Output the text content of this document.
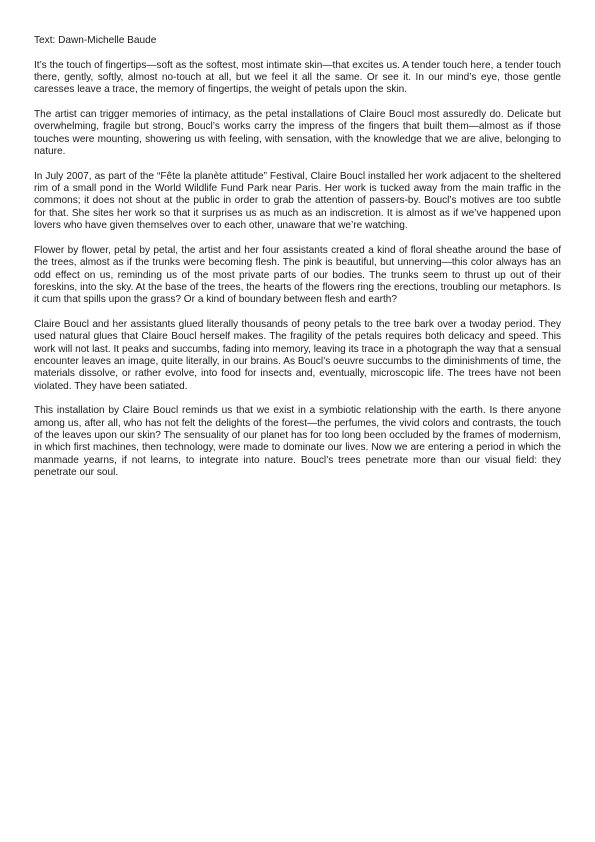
Text: Dawn-Michelle Baude

It’s the touch of fingertips—soft as the softest, most intimate skin—that excites us. A tender touch here, a tender touch there, gently, softly, almost no-touch at all, but we feel it all the same. Or see it. In our mind’s eye, those gentle caresses leave a trace, the memory of fingertips, the weight of petals upon the skin.

The artist can trigger memories of intimacy, as the petal installations of Claire Boucl most assuredly do. Delicate but overwhelming, fragile but strong, Boucl’s works carry the impress of the fingers that built them—almost as if those touches were mounting, showering us with feeling, with sensation, with the knowledge that we are alive, belonging to nature.

In July 2007, as part of the “Fête la planète attitude” Festival, Claire Boucl installed her work adjacent to the sheltered rim of a small pond in the World Wildlife Fund Park near Paris. Her work is tucked away from the main traffic in the commons; it does not shout at the public in order to grab the attention of passers-by. Boucl’s motives are too subtle for that. She sites her work so that it surprises us as much as an indiscretion. It is almost as if we’ve happened upon lovers who have given themselves over to each other, unaware that we’re watching.

Flower by flower, petal by petal, the artist and her four assistants created a kind of floral sheathe around the base of the trees, almost as if the trunks were becoming flesh. The pink is beautiful, but unnerving—this color always has an odd effect on us, reminding us of the most private parts of our bodies. The trunks seem to thrust up out of their foreskins, into the sky. At the base of the trees, the hearts of the flowers ring the erections, troubling our metaphors. Is it cum that spills upon the grass? Or a kind of boundary between flesh and earth?

Claire Boucl and her assistants glued literally thousands of peony petals to the tree bark over a twoday period. They used natural glues that Claire Boucl herself makes. The fragility of the petals requires both delicacy and speed. This work will not last. It peaks and succumbs, fading into memory, leaving its trace in a photograph the way that a sensual encounter leaves an image, quite literally, in our brains. As Boucl’s oeuvre succumbs to the diminishments of time, the materials dissolve, or rather evolve, into food for insects and, eventually, microscopic life. The trees have not been violated. They have been satiated.

This installation by Claire Boucl reminds us that we exist in a symbiotic relationship with the earth. Is there anyone among us, after all, who has not felt the delights of the forest—the perfumes, the vivid colors and contrasts, the touch of the leaves upon our skin? The sensuality of our planet has for too long been occluded by the frames of modernism, in which first machines, then technology, were made to dominate our lives. Now we are entering a period in which the manmade yearns, if not learns, to integrate into nature. Boucl’s trees penetrate more than our visual field: they penetrate our soul.
